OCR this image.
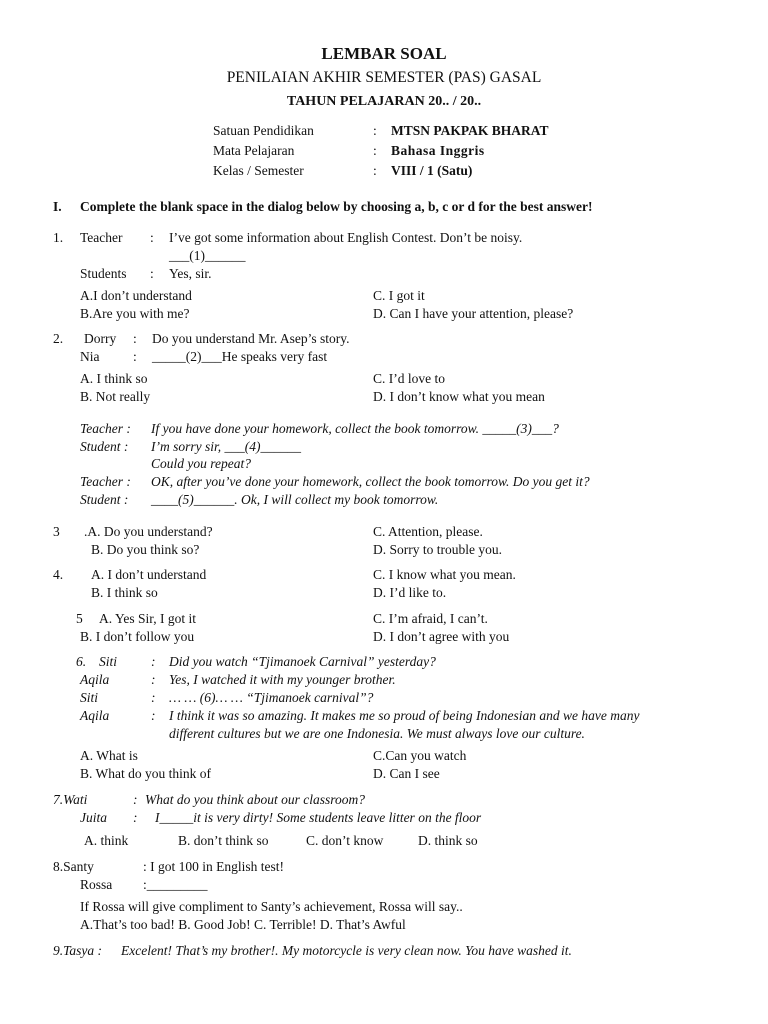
LEMBAR SOAL
PENILAIAN AKHIR SEMESTER (PAS) GASAL
TAHUN PELAJARAN 20.. / 20..
Satuan Pendidikan	: MTSN PAKPAK BHARAT
Mata Pelajaran	: Bahasa Inggris
Kelas / Semester	: VIII / 1 (Satu)
I. Complete the blank space in the dialog below by choosing a, b, c or d for the best answer!
1. Teacher : I’ve got some information about English Contest. Don’t be noisy.
___(1)______
Students : Yes, sir.
A.I don’t understand
B.Are you with me?
C. I got it
D. Can I have your attention, please?
2. Dorry : Do you understand Mr. Asep’s story.
Nia : _____(2)___He speaks very fast
A. I think so
B. Not really
C. I’d love to
D. I don’t know what you mean
Teacher : If you have done your homework, collect the book tomorrow. _____(3)___?
Student : I’m sorry sir, ___(4)______
Could you repeat?
Teacher : OK, after you’ve done your homework, collect the book tomorrow. Do you get it?
Student : ____(5)______. Ok, I will collect my book tomorrow.
3 .A. Do you understand?
B. Do you think so?
C. Attention, please.
D. Sorry to trouble you.
4. A. I don’t understand
B. I think so
C. I know what you mean.
D. I’d like to.
5 A. Yes Sir, I got it
B. I don’t follow you
C. I’m afraid, I can’t.
D. I don’t agree with you
6. Siti	: Did you watch “Tjimanoek Carnival” yesterday?
Aqila	: Yes, I watched it with my younger brother.
Siti	: … … (6)… … “Tjimanoek carnival”?
Aqila	: I think it was so amazing. It makes me so proud of being Indonesian and we have many
different cultures but we are one Indonesia. We must always love our culture.
A. What is
B. What do you think of
C.Can you watch
D. Can I see
7.Wati	: What do you think about our classroom?
Juita : I_____it is very dirty! Some students leave litter on the floor
A. think	B. don’t think so	C. don’t know	D. think so
8.Santy	: I got 100 in English test!
Rossa :_________
If Rossa will give compliment to Santy’s achievement, Rossa will say..
A.That’s too bad! B. Good Job! C. Terrible! D. That’s Awful
9.Tasya : Excelent! That’s my brother!. My motorcycle is very clean now. You have washed it.
